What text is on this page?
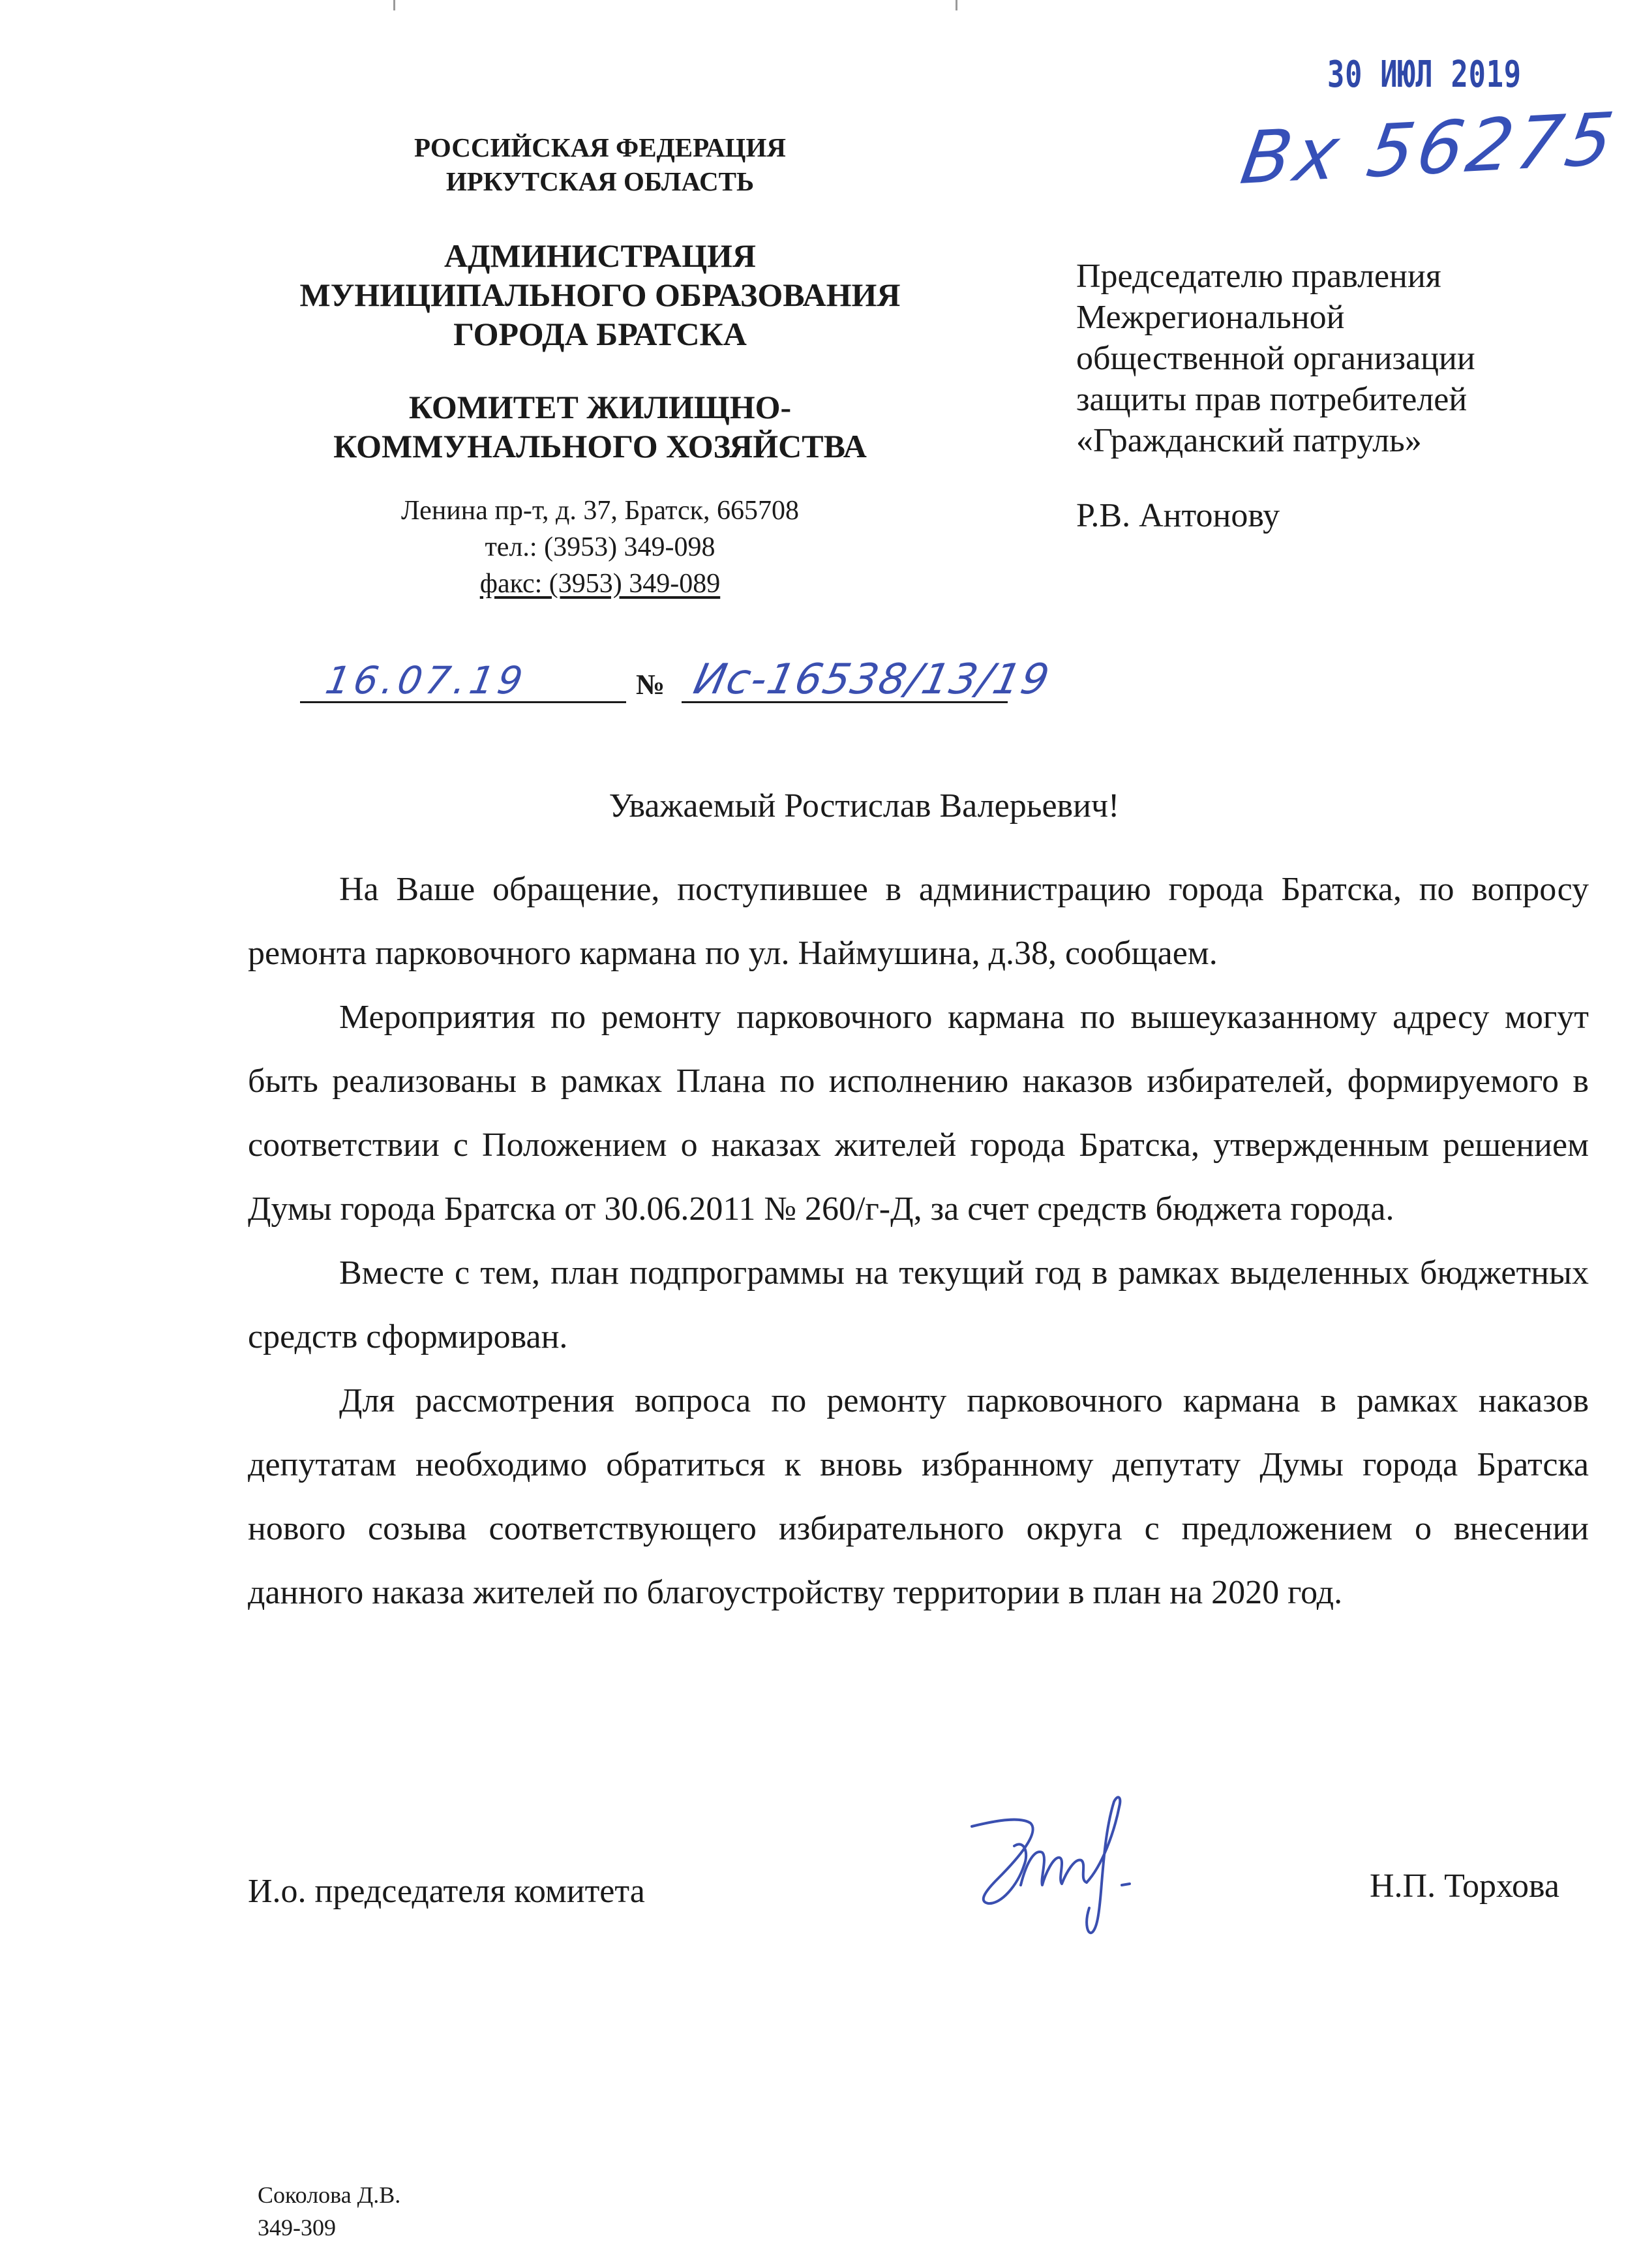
30 ИЮЛ 2019
Вх 56275
РОССИЙСКАЯ ФЕДЕРАЦИЯ
ИРКУТСКАЯ ОБЛАСТЬ
АДМИНИСТРАЦИЯ
МУНИЦИПАЛЬНОГО ОБРАЗОВАНИЯ
ГОРОДА БРАТСКА
КОМИТЕТ ЖИЛИЩНО-
КОММУНАЛЬНОГО ХОЗЯЙСТВА
Ленина пр-т, д. 37, Братск, 665708
тел.: (3953) 349-098
факс: (3953) 349-089
16.07.19	№ Ис-16538/13/19
Председателю правления
Межрегиональной
общественной организации
защиты прав потребителей
«Гражданский патруль»
Р.В. Антонову
Уважаемый Ростислав Валерьевич!

На Ваше обращение, поступившее в администрацию города Братска, по вопросу ремонта парковочного кармана по ул. Наймушина, д.38, сообщаем.

Мероприятия по ремонту парковочного кармана по вышеуказанному адресу могут быть реализованы в рамках Плана по исполнению наказов избирателей, формируемого в соответствии с Положением о наказах жителей города Братска, утвержденным решением Думы города Братска от 30.06.2011 № 260/г-Д, за счет средств бюджета города.

Вместе с тем, план подпрограммы на текущий год в рамках выделенных бюджетных средств сформирован.

Для рассмотрения вопроса по ремонту парковочного кармана в рамках наказов депутатам необходимо обратиться к вновь избранному депутату Думы города Братска нового созыва соответствующего избирательного округа с предложением о внесении данного наказа жителей по благоустройству территории в план на 2020 год.

И.о. председателя комитета	Н.П. Торхова
Соколова Д.В.
349-309
